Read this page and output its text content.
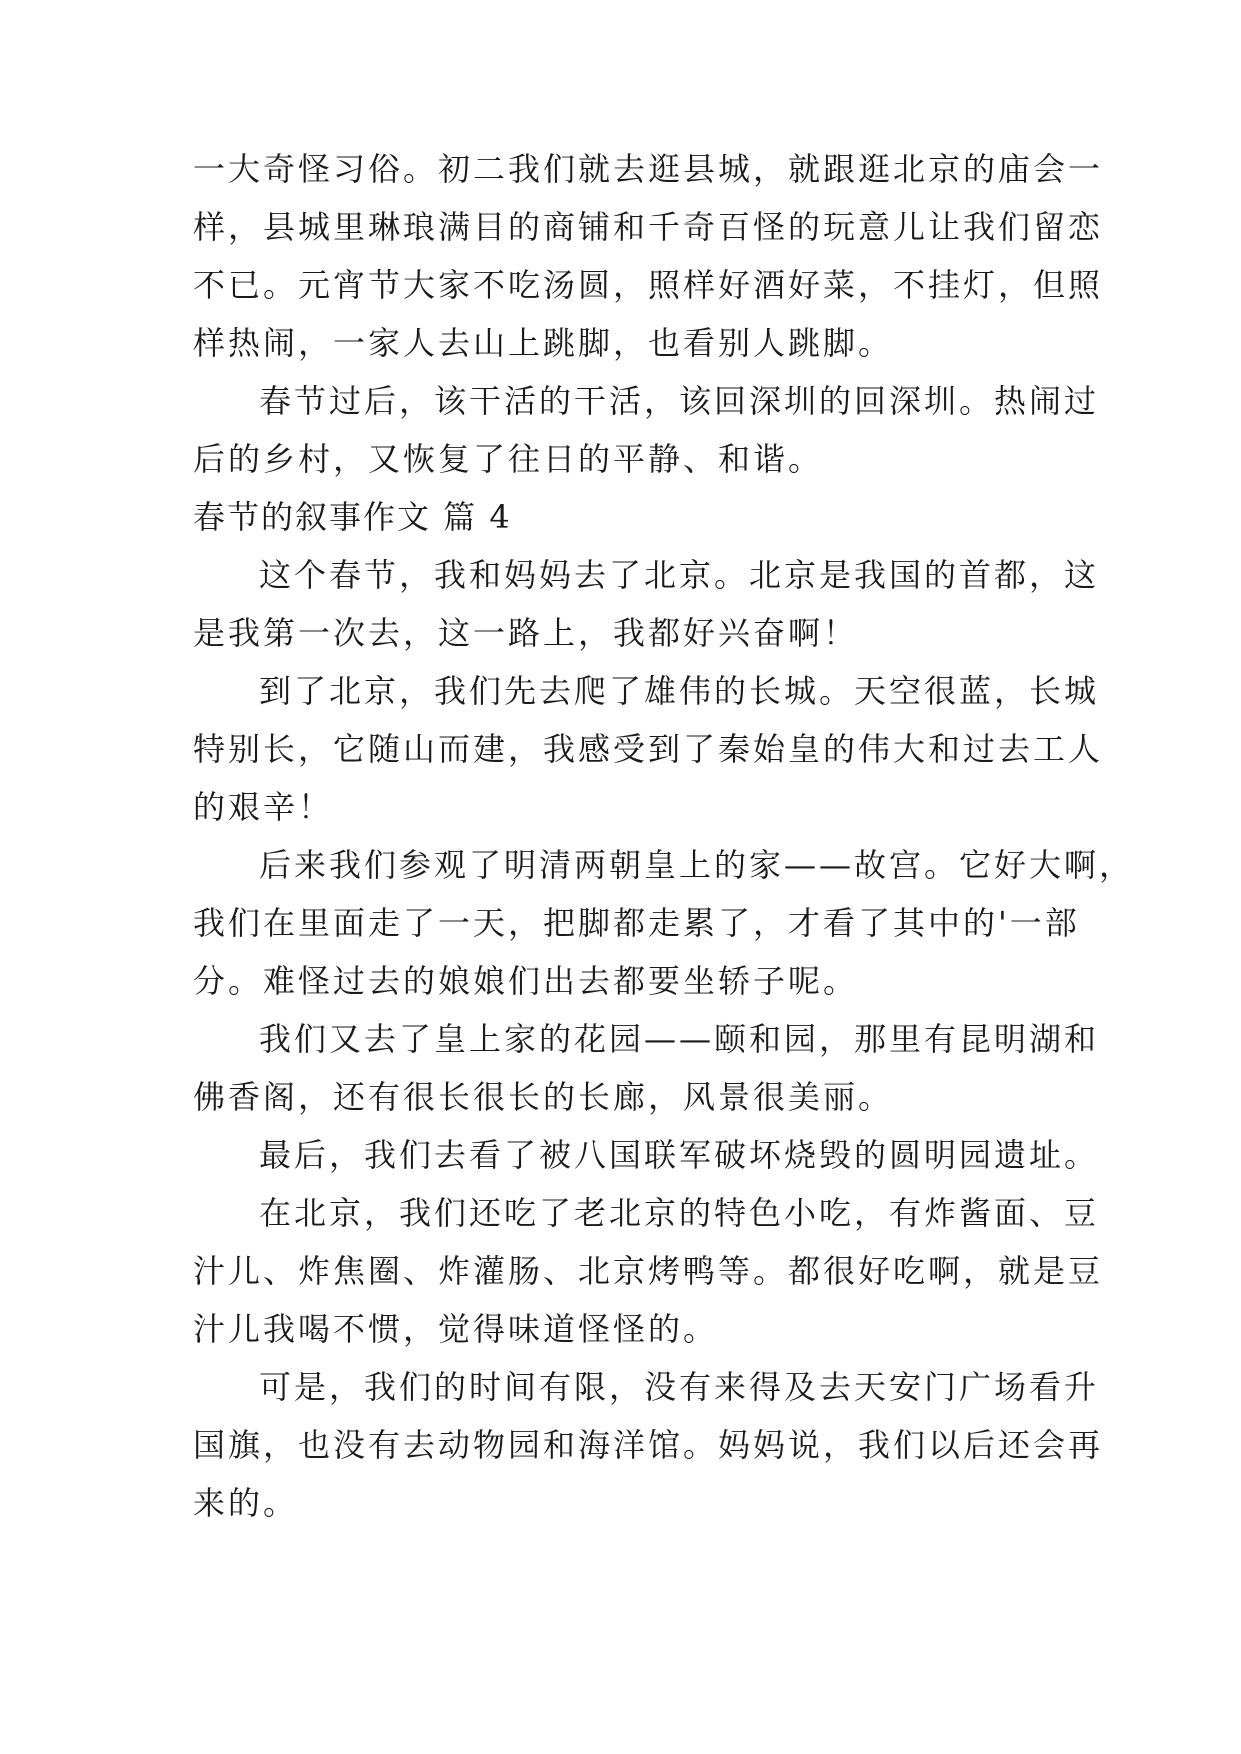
一大奇怪习俗。初二我们就去逛县城，就跟逛北京的庙会一
样，县城里琳琅满目的商铺和千奇百怪的玩意儿让我们留恋
不已。元宵节大家不吃汤圆，照样好酒好菜，不挂灯，但照
样热闹，一家人去山上跳脚，也看别人跳脚。
春节过后，该干活的干活，该回深圳的回深圳。热闹过
后的乡村，又恢复了往日的平静、和谐。
春节的叙事作文 篇 4
这个春节，我和妈妈去了北京。北京是我国的首都，这
是我第一次去，这一路上，我都好兴奋啊！
到了北京，我们先去爬了雄伟的长城。天空很蓝，长城
特别长，它随山而建，我感受到了秦始皇的伟大和过去工人
的艰辛！
后来我们参观了明清两朝皇上的家——故宫。它好大啊，
我们在里面走了一天，把脚都走累了，才看了其中的'一部
分。难怪过去的娘娘们出去都要坐轿子呢。
我们又去了皇上家的花园——颐和园，那里有昆明湖和
佛香阁，还有很长很长的长廊，风景很美丽。
最后，我们去看了被八国联军破坏烧毁的圆明园遗址。
在北京，我们还吃了老北京的特色小吃，有炸酱面、豆
汁儿、炸焦圈、炸灌肠、北京烤鸭等。都很好吃啊，就是豆
汁儿我喝不惯，觉得味道怪怪的。
可是，我们的时间有限，没有来得及去天安门广场看升
国旗，也没有去动物园和海洋馆。妈妈说，我们以后还会再
来的。
